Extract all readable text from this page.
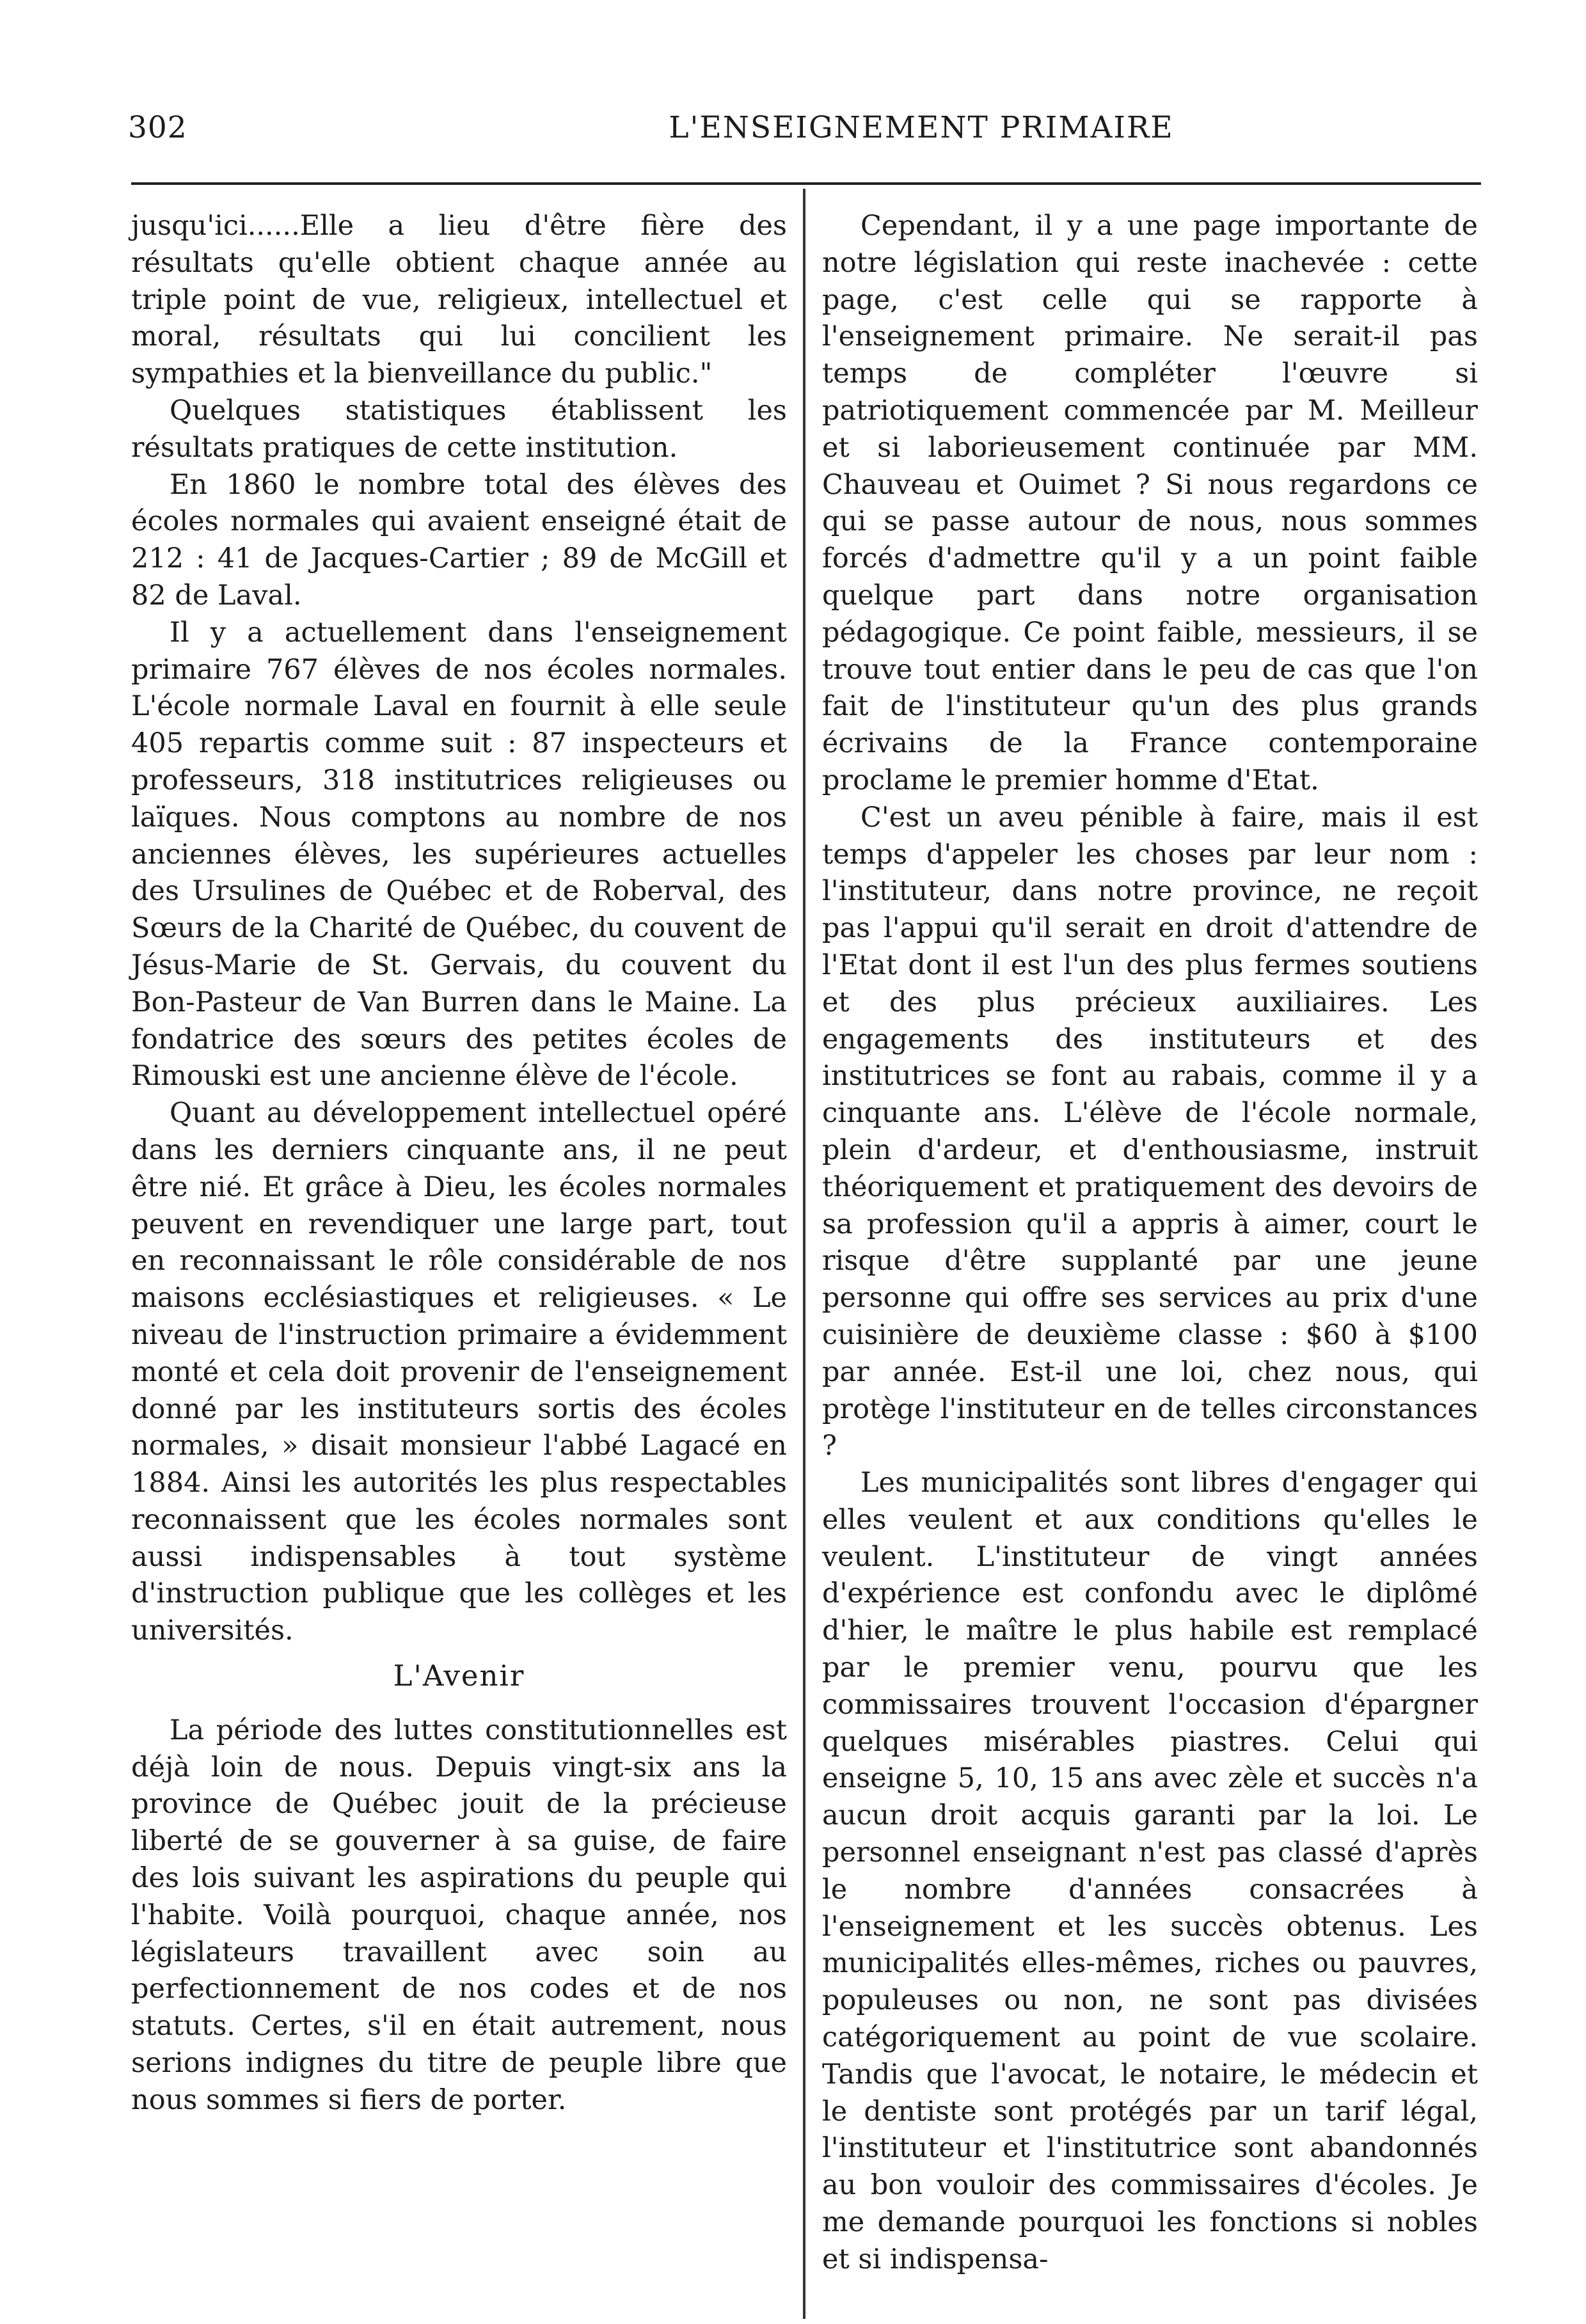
302	L'ENSEIGNEMENT PRIMAIRE

jusqu'ici......Elle a lieu d'être fière des résultats qu'elle obtient chaque année au triple point de vue, religieux, intellectuel et moral, résultats qui lui concilient les sympathies et la bienveillance du public."

Quelques statistiques établissent les résultats pratiques de cette institution.

En 1860 le nombre total des élèves des écoles normales qui avaient enseigné était de 212 : 41 de Jacques-Cartier ; 89 de McGill et 82 de Laval.

Il y a actuellement dans l'enseignement primaire 767 élèves de nos écoles normales. L'école normale Laval en fournit à elle seule 405 repartis comme suit : 87 inspecteurs et professeurs, 318 institutrices religieuses ou laïques. Nous comptons au nombre de nos anciennes élèves, les supérieures actuelles des Ursulines de Québec et de Roberval, des Sœurs de la Charité de Québec, du couvent de Jésus-Marie de St. Gervais, du couvent du Bon-Pasteur de Van Burren dans le Maine. La fondatrice des sœurs des petites écoles de Rimouski est une ancienne élève de l'école.

Quant au développement intellectuel opéré dans les derniers cinquante ans, il ne peut être nié. Et grâce à Dieu, les écoles normales peuvent en revendiquer une large part, tout en reconnaissant le rôle considérable de nos maisons ecclésiastiques et religieuses. « Le niveau de l'instruction primaire a évidemment monté et cela doit provenir de l'enseignement donné par les instituteurs sortis des écoles normales, » disait monsieur l'abbé Lagacé en 1884. Ainsi les autorités les plus respectables reconnaissent que les écoles normales sont aussi indispensables à tout système d'instruction publique que les collèges et les universités.

L'Avenir

La période des luttes constitutionnelles est déjà loin de nous. Depuis vingt-six ans la province de Québec jouit de la précieuse liberté de se gouverner à sa guise, de faire des lois suivant les aspirations du peuple qui l'habite. Voilà pourquoi, chaque année, nos législateurs travaillent avec soin au perfectionnement de nos codes et de nos statuts. Certes, s'il en était autrement, nous serions indignes du titre de peuple libre que nous sommes si fiers de porter.

Cependant, il y a une page importante de notre législation qui reste inachevée : cette page, c'est celle qui se rapporte à l'enseignement primaire. Ne serait-il pas temps de compléter l'œuvre si patriotiquement commencée par M. Meilleur et si laborieusement continuée par MM. Chauveau et Ouimet ? Si nous regardons ce qui se passe autour de nous, nous sommes forcés d'admettre qu'il y a un point faible quelque part dans notre organisation pédagogique. Ce point faible, messieurs, il se trouve tout entier dans le peu de cas que l'on fait de l'instituteur qu'un des plus grands écrivains de la France contemporaine proclame le premier homme d'Etat.

C'est un aveu pénible à faire, mais il est temps d'appeler les choses par leur nom : l'instituteur, dans notre province, ne reçoit pas l'appui qu'il serait en droit d'attendre de l'Etat dont il est l'un des plus fermes soutiens et des plus précieux auxiliaires. Les engagements des instituteurs et des institutrices se font au rabais, comme il y a cinquante ans. L'élève de l'école normale, plein d'ardeur, et d'enthousiasme, instruit théoriquement et pratiquement des devoirs de sa profession qu'il a appris à aimer, court le risque d'être supplanté par une jeune personne qui offre ses services au prix d'une cuisinière de deuxième classe : $60 à $100 par année. Est-il une loi, chez nous, qui protège l'instituteur en de telles circonstances ?

Les municipalités sont libres d'engager qui elles veulent et aux conditions qu'elles le veulent. L'instituteur de vingt années d'expérience est confondu avec le diplômé d'hier, le maître le plus habile est remplacé par le premier venu, pourvu que les commissaires trouvent l'occasion d'épargner quelques misérables piastres. Celui qui enseigne 5, 10, 15 ans avec zèle et succès n'a aucun droit acquis garanti par la loi. Le personnel enseignant n'est pas classé d'après le nombre d'années consacrées à l'enseignement et les succès obtenus. Les municipalités elles-mêmes, riches ou pauvres, populeuses ou non, ne sont pas divisées catégoriquement au point de vue scolaire. Tandis que l'avocat, le notaire, le médecin et le dentiste sont protégés par un tarif légal, l'instituteur et l'institutrice sont abandonnés au bon vouloir des commissaires d'écoles. Je me demande pourquoi les fonctions si nobles et si indispensa-
